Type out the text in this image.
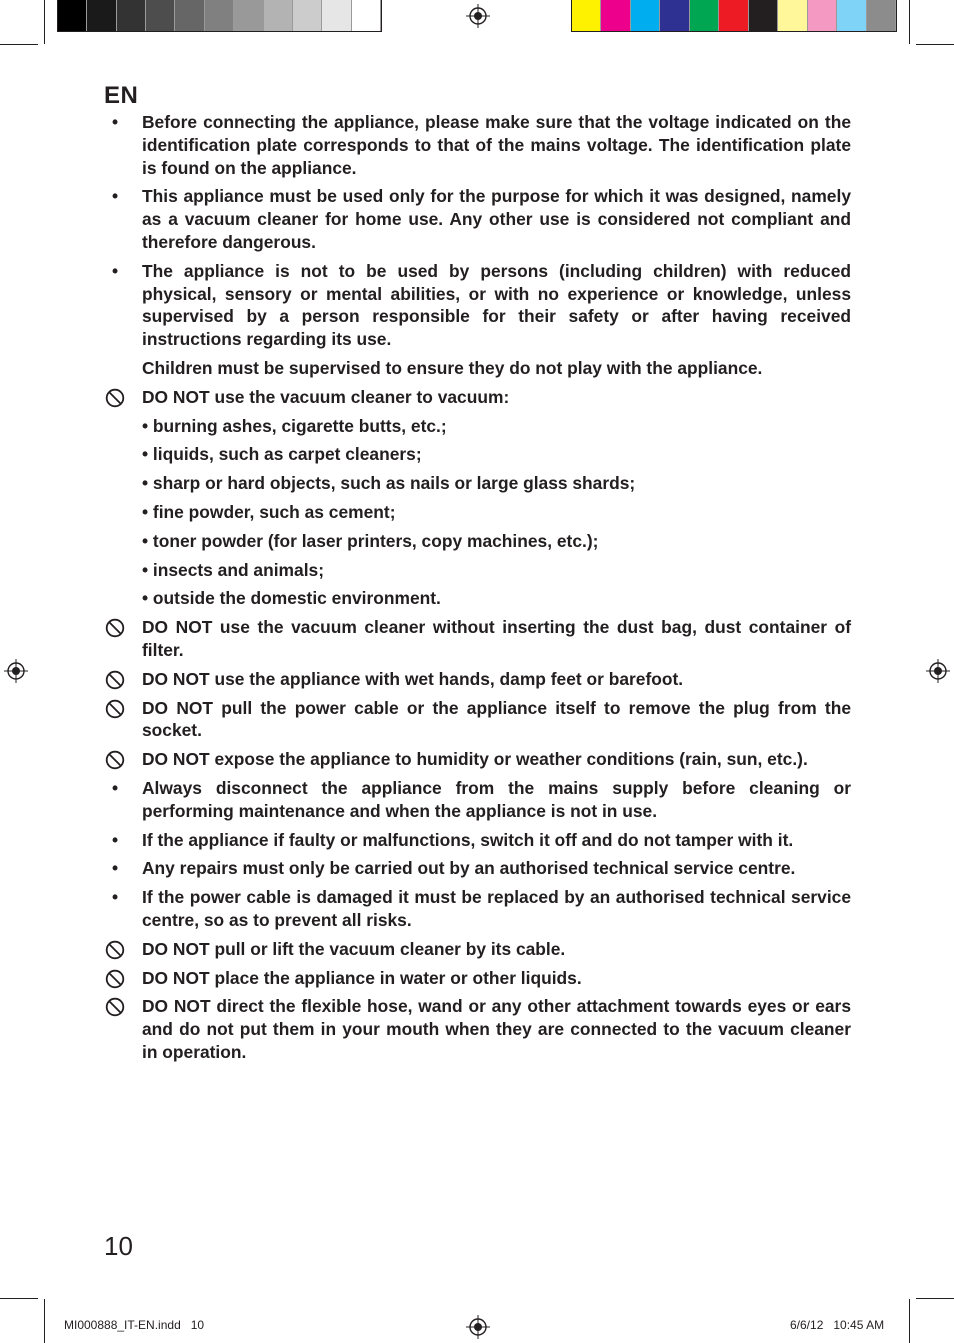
EN
•	Before connecting the appliance, please make sure that the voltage indicated on the identification plate corresponds to that of the mains voltage. The identification plate is found on the appliance.
•	This appliance must be used only for the purpose for which it was designed, namely as a vacuum cleaner for home use. Any other use is considered not compliant and therefore dangerous.
•	The appliance is not to be used by persons (including children) with reduced physical, sensory or mental abilities, or with no experience or knowledge, unless supervised by a person responsible for their safety or after having received instructions regarding its use.
Children must be supervised to ensure they do not play with the appliance.
DO NOT use the vacuum cleaner to vacuum:
• burning ashes, cigarette butts, etc.;
• liquids, such as carpet cleaners;
• sharp or hard objects, such as nails or large glass shards;
• fine powder, such as cement;
• toner powder (for laser printers, copy machines, etc.);
• insects and animals;
• outside the domestic environment.
DO NOT use the vacuum cleaner without inserting the dust bag, dust container of filter.
DO NOT use the appliance with wet hands, damp feet or barefoot.
DO NOT pull the power cable or the appliance itself to remove the plug from the socket.
DO NOT expose the appliance to humidity or weather conditions (rain, sun, etc.).
•	Always disconnect the appliance from the mains supply before cleaning or performing maintenance and when the appliance is not in use.
•	If the appliance if faulty or malfunctions, switch it off and do not tamper with it.
•	Any repairs must only be carried out by an authorised technical service centre.
•	If the power cable is damaged it must be replaced by an authorised technical service centre, so as to prevent all risks.
DO NOT pull or lift the vacuum cleaner by its cable.
DO NOT place the appliance in water or other liquids.
DO NOT direct the flexible hose, wand or any other attachment towards eyes or ears and do not put them in your mouth when they are connected to the vacuum cleaner in operation.
10
MI000888_IT-EN.indd   10	6/6/12   10:45 AM
